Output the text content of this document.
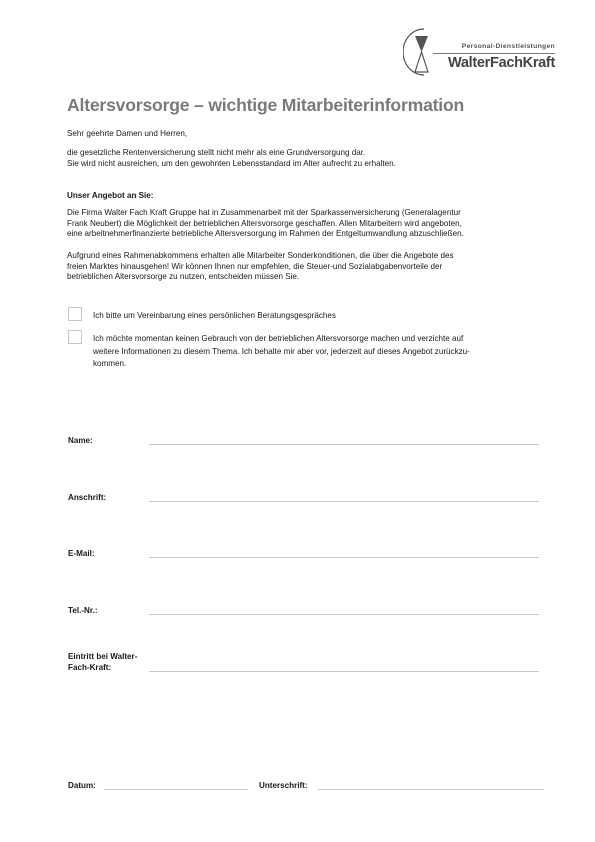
Personal-Dienstleistungen
WalterFachKraft
Altersvorsorge – wichtige Mitarbeiterinformation
Sehr geehrte Damen und Herren,
die gesetzliche Rentenversicherung stellt nicht mehr als eine Grundversorgung dar.
Sie wird nicht ausreichen, um den gewohnten Lebensstandard im Alter aufrecht zu erhalten.
Unser Angebot an Sie:
Die Firma Walter Fach Kraft Gruppe hat in Zusammenarbeit mit der Sparkassenversicherung (Generalagentur
Frank Neubert) die Möglichkeit der betrieblichen Altersvorsorge geschaffen. Allen Mitarbeitern wird angeboten,
eine arbeitnehmerfinanzierte betriebliche Altersversorgung im Rahmen der Entgeltumwandlung abzuschließen.
Aufgrund eines Rahmenabkommens erhalten alle Mitarbeiter Sonderkonditionen, die über die Angebote des
freien Marktes hinausgehen! Wir können Ihnen nur empfehlen, die Steuer-und Sozialabgabenvorteile der
betrieblichen Altersvorsorge zu nutzen, entscheiden müssen Sie.
Ich bitte um Vereinbarung eines persönlichen Beratungsgespräches
Ich möchte momentan keinen Gebrauch von der betrieblichen Altersvorsorge machen und verzichte auf
weitere Informationen zu diesem Thema. Ich behalte mir aber vor, jederzeit auf dieses Angebot zurückzu-
kommen.
Name:
Anschrift:
E-Mail:
Tel.-Nr.:
Eintritt bei Walter-
Fach-Kraft:
Datum:	Unterschrift:
